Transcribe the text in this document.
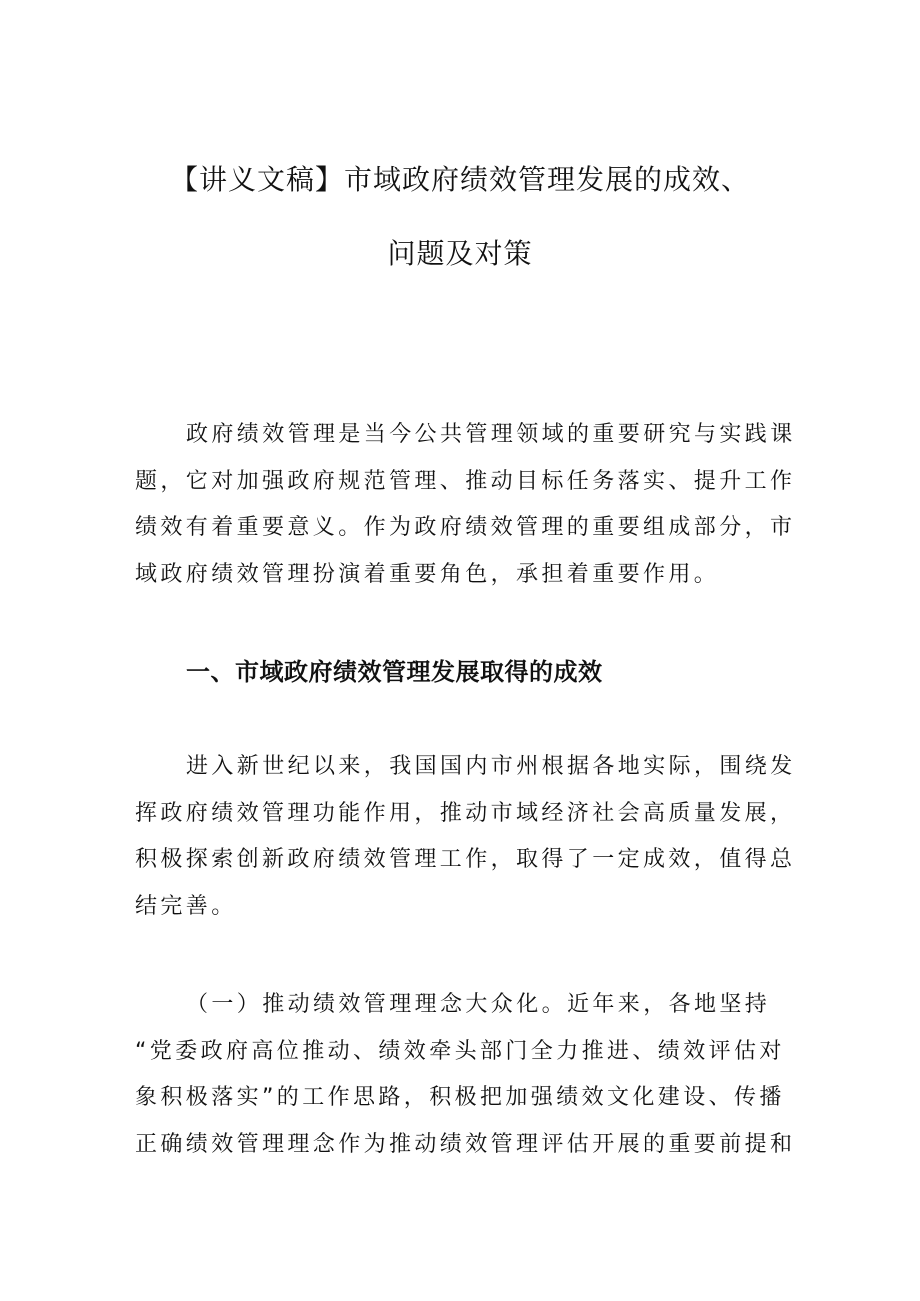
【讲义文稿】市域政府绩效管理发展的成效、
问题及对策
政府绩效管理是当今公共管理领域的重要研究与实践课
题，它对加强政府规范管理、推动目标任务落实、提升工作
绩效有着重要意义。作为政府绩效管理的重要组成部分，市
域政府绩效管理扮演着重要角色，承担着重要作用。
一、市域政府绩效管理发展取得的成效
进入新世纪以来，我国国内市州根据各地实际，围绕发
挥政府绩效管理功能作用，推动市域经济社会高质量发展，
积极探索创新政府绩效管理工作，取得了一定成效，值得总
结完善。
（一）推动绩效管理理念大众化。近年来，各地坚持
“党委政府高位推动、绩效牵头部门全力推进、绩效评估对
象积极落实”的工作思路，积极把加强绩效文化建设、传播
正确绩效管理理念作为推动绩效管理评估开展的重要前提和
